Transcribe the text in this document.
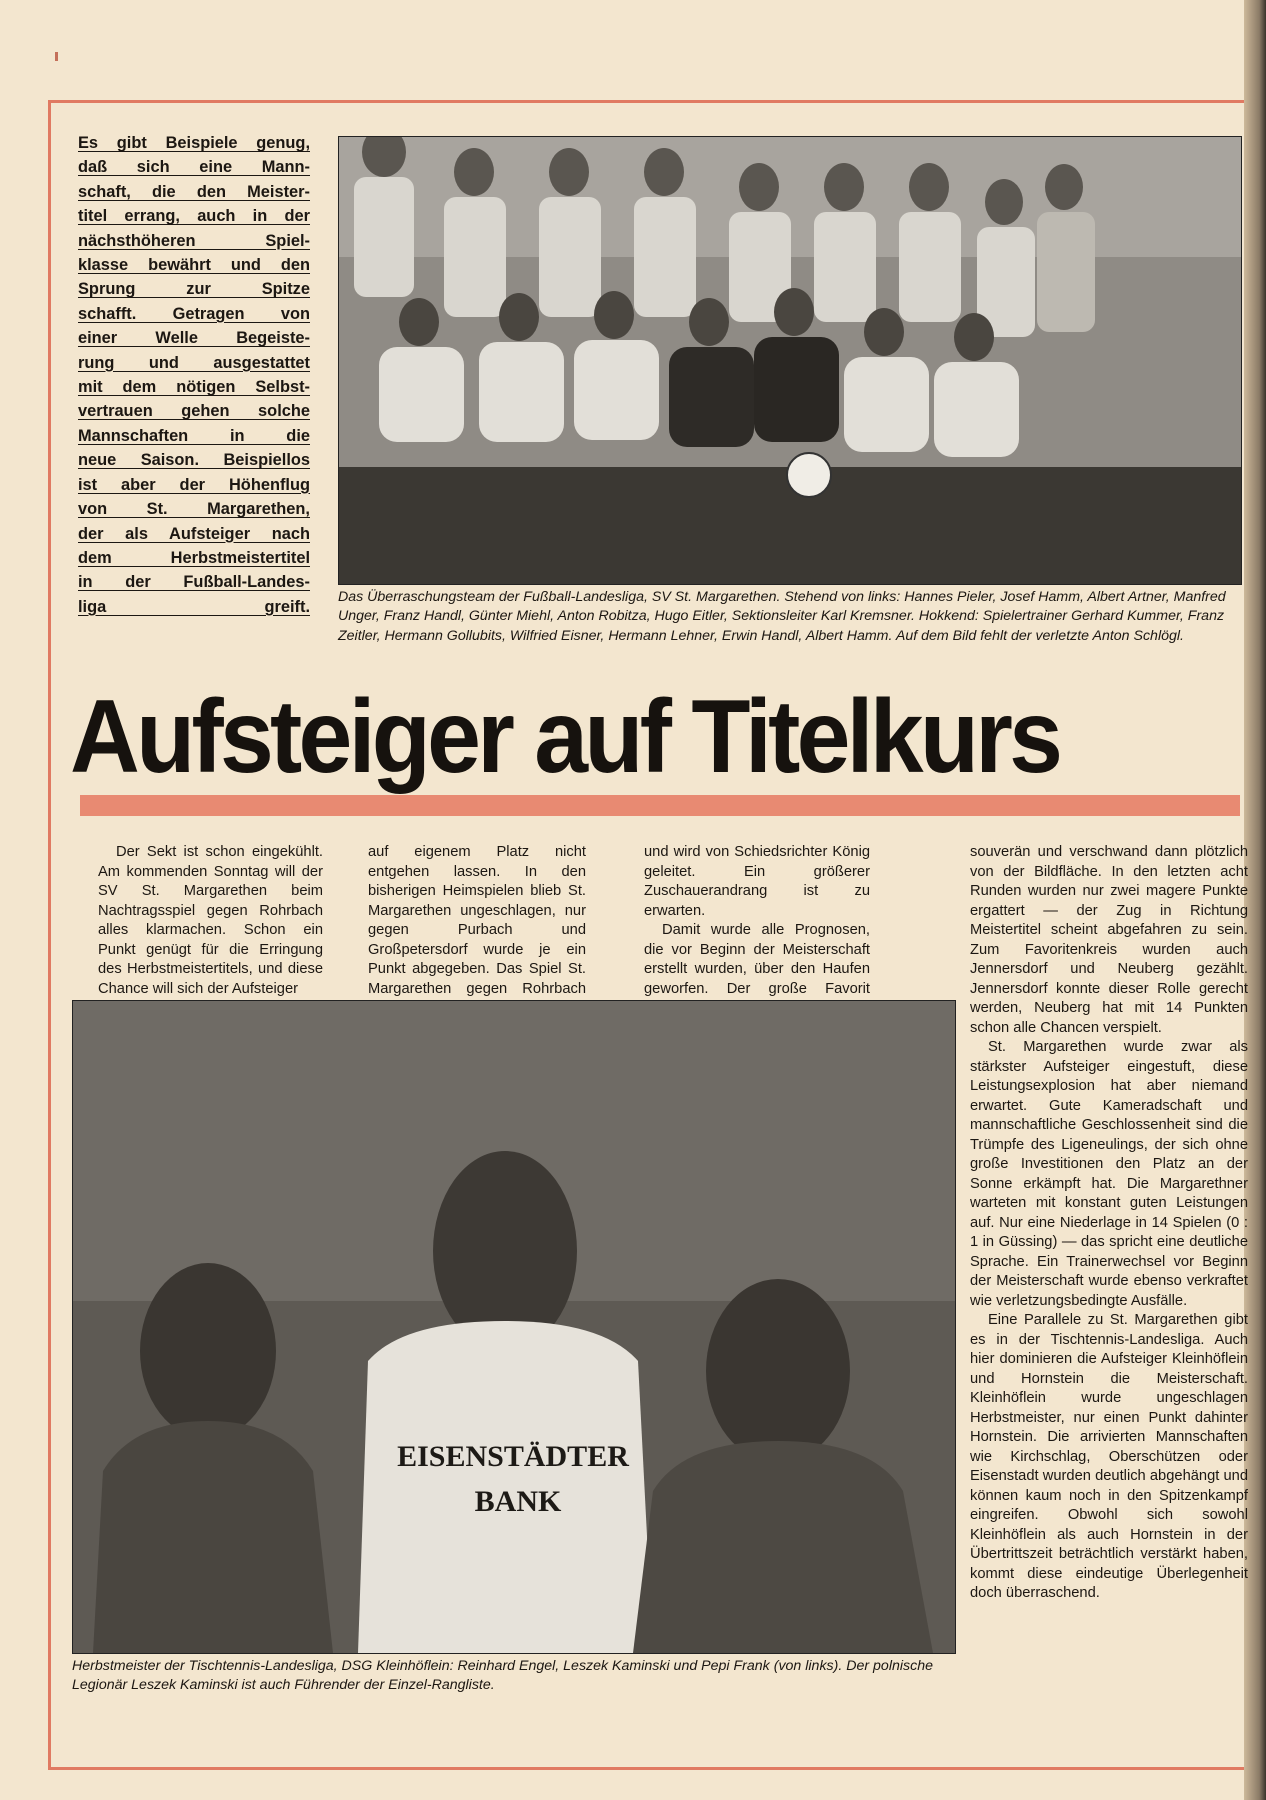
Es gibt Beispiele genug,
daß sich eine Mann-
schaft, die den Meister-
titel errang, auch in der
nächsthöheren Spiel-
klasse bewährt und den
Sprung zur Spitze
schafft. Getragen von
einer Welle Begeiste-
rung und ausgestattet
mit dem nötigen Selbst-
vertrauen gehen solche
Mannschaften in die
neue Saison. Beispiellos
ist aber der Höhenflug
von St. Margarethen,
der als Aufsteiger nach
dem Herbstmeistertitel
in der Fußball-Landes-
liga greift.
Das Überraschungsteam der Fußball-Landesliga, SV St. Margarethen. Stehend von links: Hannes Pieler, Josef Hamm, Albert Artner, Manfred Unger, Franz Handl, Günter Miehl, Anton Robitza, Hugo Eitler, Sektionsleiter Karl Kremsner. Hokkend: Spielertrainer Gerhard Kummer, Franz Zeitler, Hermann Gollubits, Wilfried Eisner, Hermann Lehner, Erwin Handl, Albert Hamm. Auf dem Bild fehlt der verletzte Anton Schlögl.
Aufsteiger auf Titelkurs

Der Sekt ist schon eingekühlt. Am kommenden Sonntag will der SV St. Margarethen beim Nachtragsspiel gegen Rohrbach alles klarmachen. Schon ein Punkt genügt für die Erringung des Herbstmeistertitels, und diese Chance will sich der Aufsteiger

auf eigenem Platz nicht entgehen lassen. In den bisherigen Heimspielen blieb St. Margarethen ungeschlagen, nur gegen Purbach und Großpetersdorf wurde je ein Punkt abgegeben. Das Spiel St. Margarethen gegen Rohrbach

und wird von Schiedsrichter König geleitet. Ein größerer Zuschauerandrang ist zu erwarten.

Damit wurde alle Prognosen, die vor Beginn der Meisterschaft erstellt wurden, über den Haufen geworfen. Der große Favorit

souverän und verschwand dann plötzlich von der Bildfläche. In den letzten acht Runden wurden nur zwei magere Punkte ergattert — der Zug in Richtung Meistertitel scheint abgefahren zu sein. Zum Favoritenkreis wurden auch Jennersdorf und Neuberg gezählt. Jennersdorf konnte dieser Rolle gerecht werden, Neuberg hat mit 14 Punkten schon alle Chancen verspielt.

St. Margarethen wurde zwar als stärkster Aufsteiger eingestuft, diese Leistungsexplosion hat aber niemand erwartet. Gute Kameradschaft und mannschaftliche Geschlossenheit sind die Trümpfe des Ligeneulings, der sich ohne große Investitionen den Platz an der Sonne erkämpft hat. Die Margarethner warteten mit konstant guten Leistungen auf. Nur eine Niederlage in 14 Spielen (0 : 1 in Güssing) — das spricht eine deutliche Sprache. Ein Trainerwechsel vor Beginn der Meisterschaft wurde ebenso verkraftet wie verletzungsbedingte Ausfälle.

Eine Parallele zu St. Margarethen gibt es in der Tischtennis-Landesliga. Auch hier dominieren die Aufsteiger Kleinhöflein und Hornstein die Meisterschaft. Kleinhöflein wurde ungeschlagen Herbstmeister, nur einen Punkt dahinter Hornstein. Die arrivierten Mannschaften wie Kirchschlag, Oberschützen oder Eisenstadt wurden deutlich abgehängt und können kaum noch in den Spitzenkampf eingreifen. Obwohl sich sowohl Kleinhöflein als auch Hornstein in der Übertrittszeit beträchtlich verstärkt haben, kommt diese eindeutige Überlegenheit doch überraschend.

EISENSTÄDTER
BANK
Herbstmeister der Tischtennis-Landesliga, DSG Kleinhöflein: Reinhard Engel, Leszek Kaminski und Pepi Frank (von links). Der polnische Legionär Leszek Kaminski ist auch Führender der Einzel-Rangliste.
